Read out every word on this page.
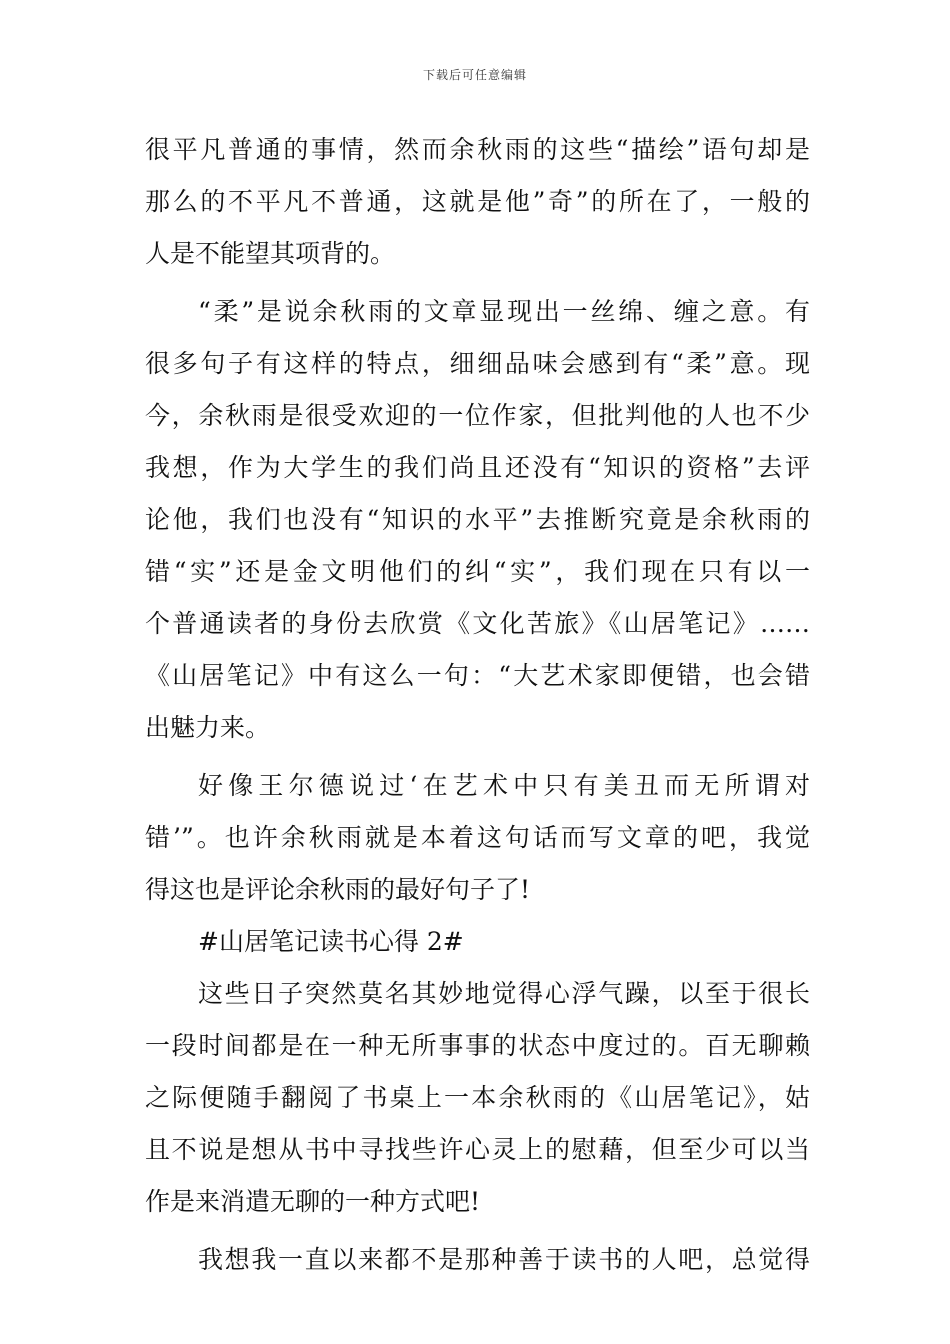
下载后可任意编辑
很平凡普通的事情，然而余秋雨的这些“描绘”语句却是
那么的不平凡不普通，这就是他”奇”的所在了，一般的
人是不能望其项背的。
“柔”是说余秋雨的文章显现出一丝绵、缠之意。有
很多句子有这样的特点，细细品味会感到有“柔”意。现
今，余秋雨是很受欢迎的一位作家，但批判他的人也不少
我想，作为大学生的我们尚且还没有“知识的资格”去评
论他，我们也没有“知识的水平”去推断究竟是余秋雨的
错“实”还是金文明他们的纠“实”，我们现在只有以一
个普通读者的身份去欣赏《文化苦旅》《山居笔记》……
《山居笔记》中有这么一句：“大艺术家即便错，也会错
出魅力来。
好像王尔德说过‘在艺术中只有美丑而无所谓对
错’”。也许余秋雨就是本着这句话而写文章的吧，我觉
得这也是评论余秋雨的最好句子了!
#山居笔记读书心得 2#
这些日子突然莫名其妙地觉得心浮气躁，以至于很长
一段时间都是在一种无所事事的状态中度过的。百无聊赖
之际便随手翻阅了书桌上一本余秋雨的《山居笔记》，姑
且不说是想从书中寻找些许心灵上的慰藉，但至少可以当
作是来消遣无聊的一种方式吧!
我想我一直以来都不是那种善于读书的人吧，总觉得
